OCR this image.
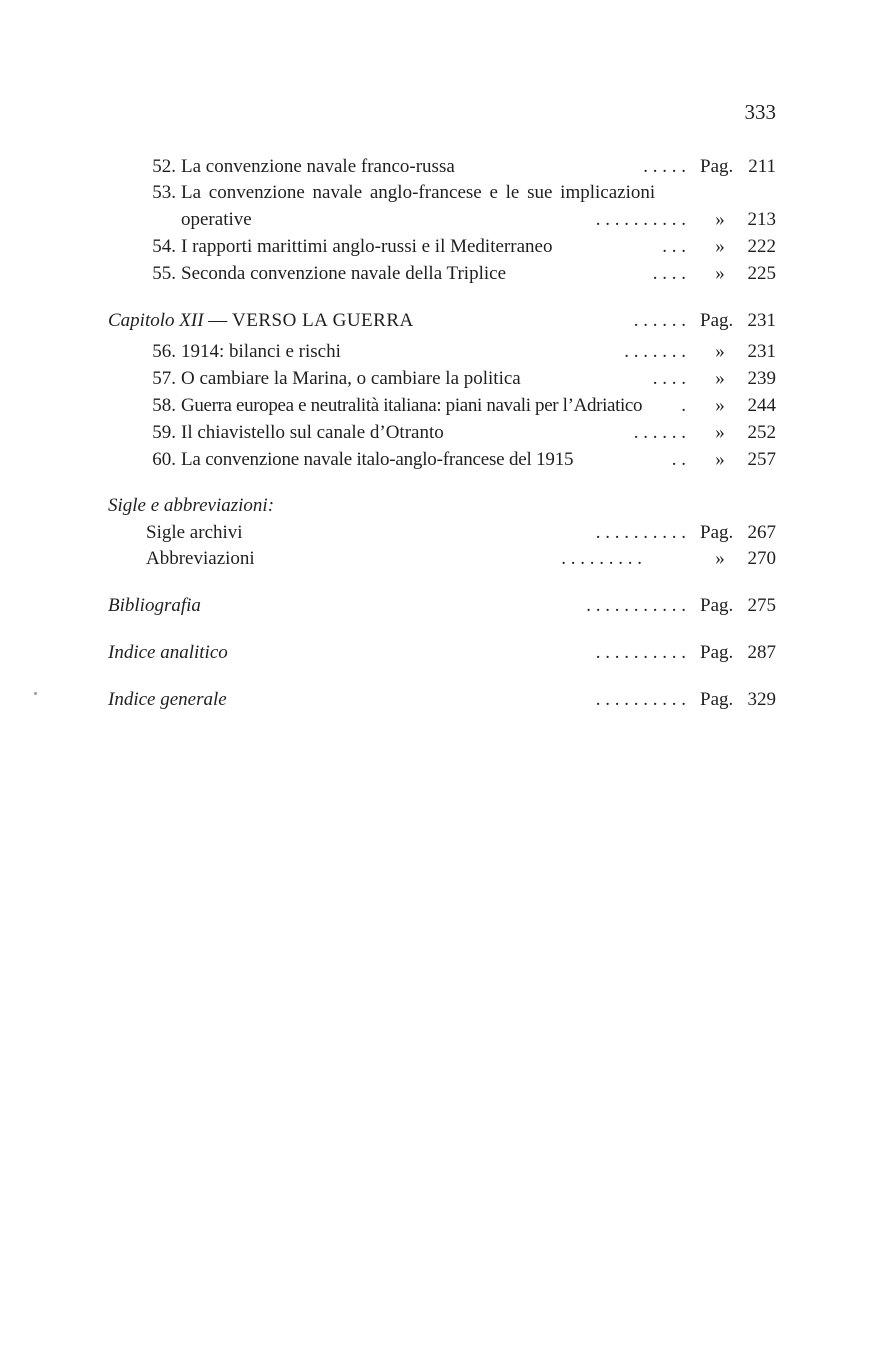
333
52. La convenzione navale franco-russa	. . . . . Pag. 211
53. La convenzione navale anglo-francese e le sue implicazioni
operative	. . . . . . . . . .	»	213
54. I rapporti marittimi anglo-russi e il Mediterraneo	. . .	»	222
55. Seconda convenzione navale della Triplice	. . . .	»	225
Capitolo XII — VERSO LA GUERRA	. . . . . . Pag. 231
56. 1914: bilanci e rischi	. . . . . . .	»	231
57. O cambiare la Marina, o cambiare la politica	. . . .	»	239
58. Guerra europea e neutralità italiana: piani navali per l’Adriatico	.	»	244
59. Il chiavistello sul canale d’Otranto	. . . . . .	»	252
60. La convenzione navale italo-anglo-francese del 1915	. .	»	257
Sigle e abbreviazioni:
Sigle archivi	. . . . . . . . . . Pag. 267
Abbreviazioni	. . . . . . . . .	»	270
Bibliografia	. . . . . . . . . . . Pag. 275
Indice analitico	. . . . . . . . . . Pag. 287
Indice generale	. . . . . . . . . . Pag. 329
